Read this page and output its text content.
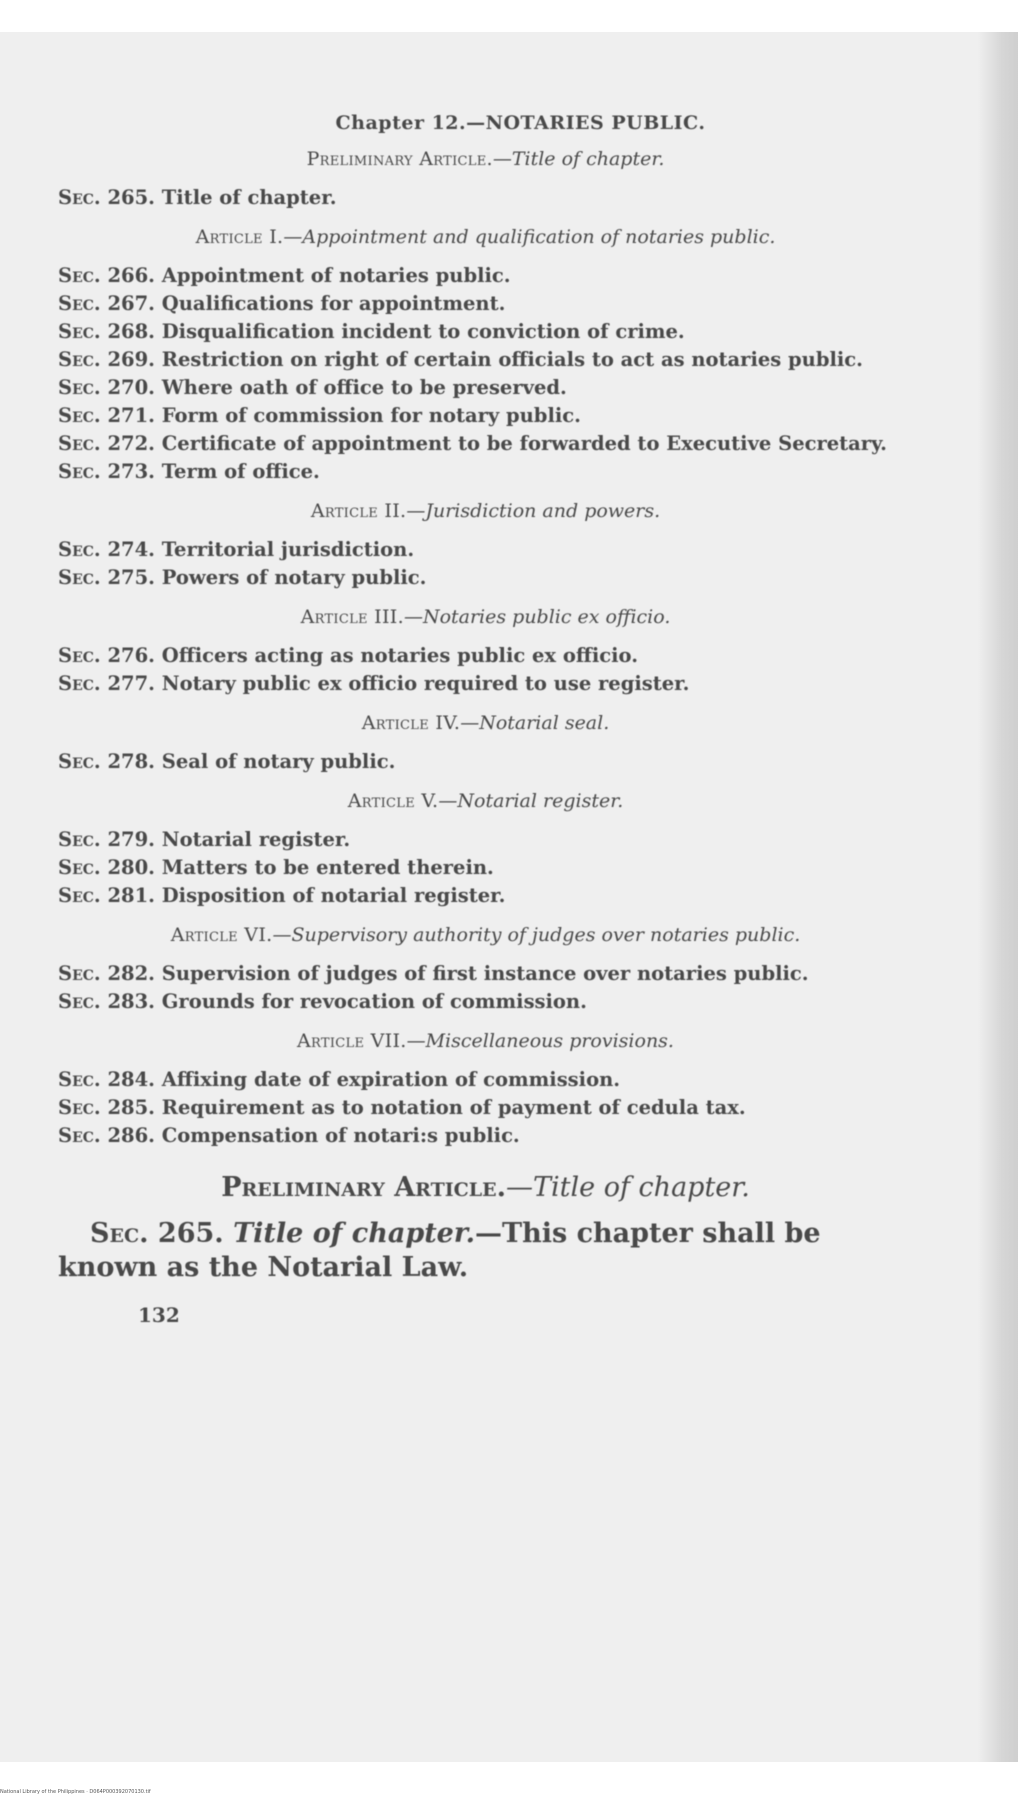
Chapter 12.—NOTARIES PUBLIC.
Preliminary Article.—Title of chapter.
Sec. 265. Title of chapter.
Article I.—Appointment and qualification of notaries public.
Sec. 266. Appointment of notaries public.
Sec. 267. Qualifications for appointment.
Sec. 268. Disqualification incident to conviction of crime.
Sec. 269. Restriction on right of certain officials to act as notaries public.
Sec. 270. Where oath of office to be preserved.
Sec. 271. Form of commission for notary public.
Sec. 272. Certificate of appointment to be forwarded to Executive Secretary.
Sec. 273. Term of office.
Article II.—Jurisdiction and powers.
Sec. 274. Territorial jurisdiction.
Sec. 275. Powers of notary public.
Article III.—Notaries public ex officio.
Sec. 276. Officers acting as notaries public ex officio.
Sec. 277. Notary public ex officio required to use register.
Article IV.—Notarial seal.
Sec. 278. Seal of notary public.
Article V.—Notarial register.
Sec. 279. Notarial register.
Sec. 280. Matters to be entered therein.
Sec. 281. Disposition of notarial register.
Article VI.—Supervisory authority of judges over notaries public.
Sec. 282. Supervision of judges of first instance over notaries public.
Sec. 283. Grounds for revocation of commission.
Article VII.—Miscellaneous provisions.
Sec. 284. Affixing date of expiration of commission.
Sec. 285. Requirement as to notation of payment of cedula tax.
Sec. 286. Compensation of notari:s public.
Preliminary Article.—Title of chapter.

Sec. 265. Title of chapter.—This chapter shall be known as the Notarial Law.

132
National Library of the Philippines · D064P000392070130.tif
